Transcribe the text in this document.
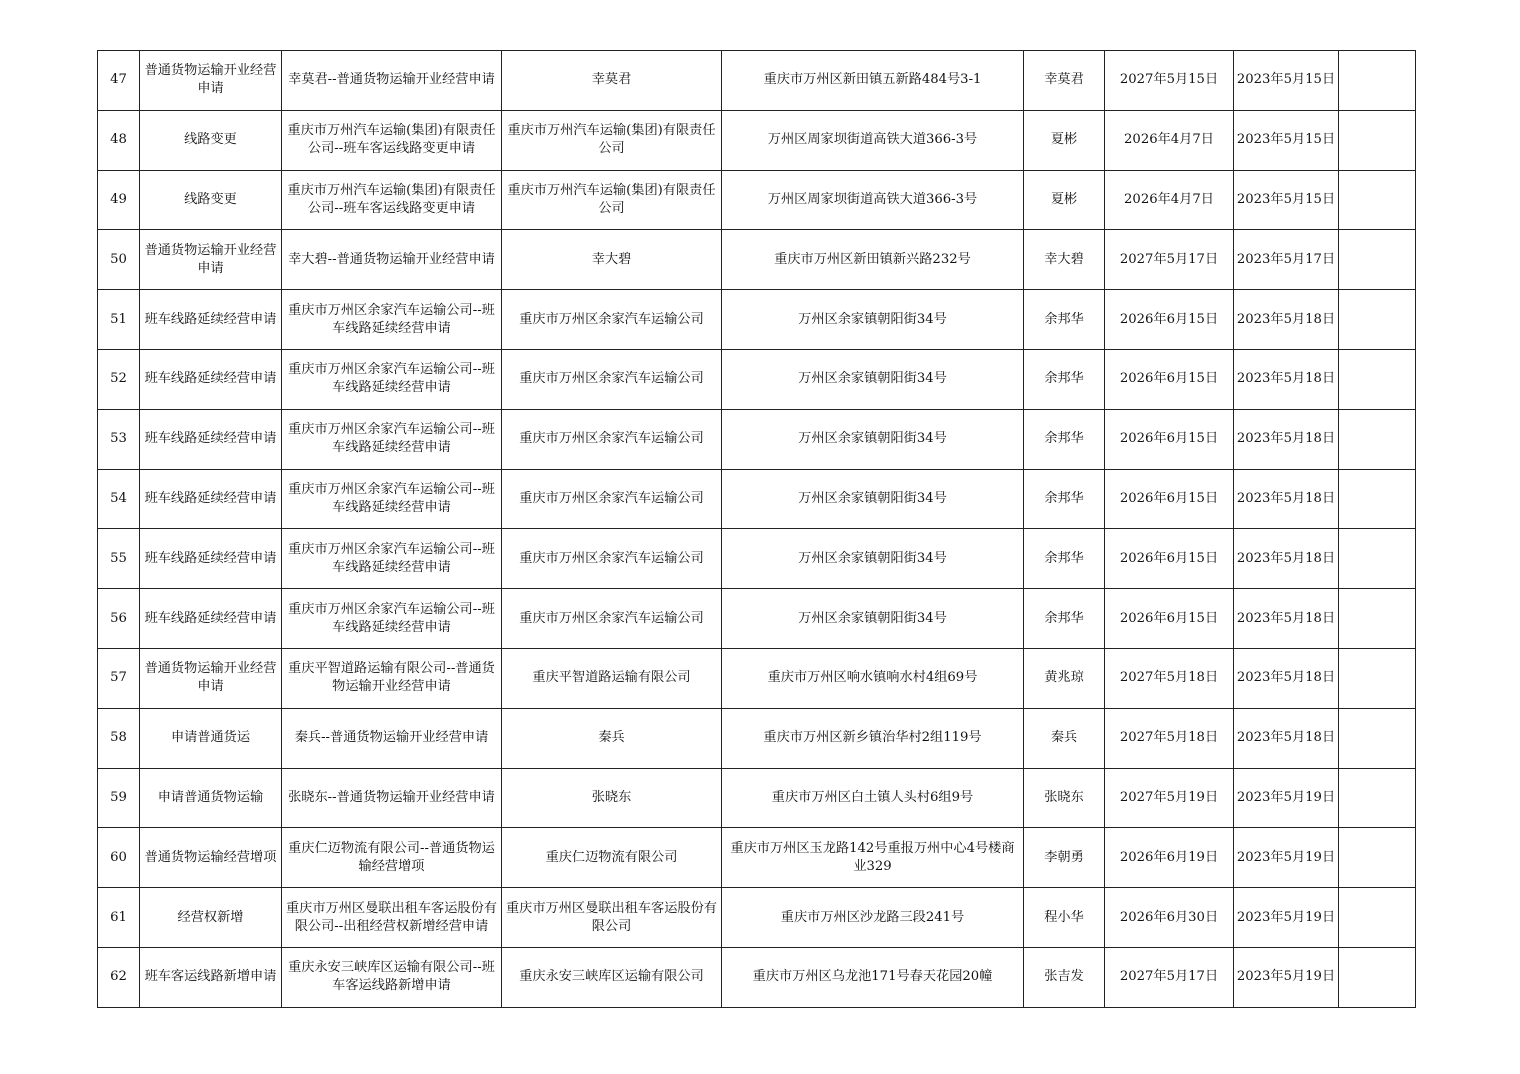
47	普通货物运输开业经营申请	幸莫君--普通货物运输开业经营申请	幸莫君	重庆市万州区新田镇五新路484号3-1	幸莫君	2027年5月15日	2023年5月15日	
48	线路变更	重庆市万州汽车运输(集团)有限责任公司--班车客运线路变更申请	重庆市万州汽车运输(集团)有限责任公司	万州区周家坝街道高铁大道366-3号	夏彬	2026年4月7日	2023年5月15日	
49	线路变更	重庆市万州汽车运输(集团)有限责任公司--班车客运线路变更申请	重庆市万州汽车运输(集团)有限责任公司	万州区周家坝街道高铁大道366-3号	夏彬	2026年4月7日	2023年5月15日	
50	普通货物运输开业经营申请	幸大碧--普通货物运输开业经营申请	幸大碧	重庆市万州区新田镇新兴路232号	幸大碧	2027年5月17日	2023年5月17日	
51	班车线路延续经营申请	重庆市万州区余家汽车运输公司--班车线路延续经营申请	重庆市万州区余家汽车运输公司	万州区余家镇朝阳街34号	余邦华	2026年6月15日	2023年5月18日	
52	班车线路延续经营申请	重庆市万州区余家汽车运输公司--班车线路延续经营申请	重庆市万州区余家汽车运输公司	万州区余家镇朝阳街34号	余邦华	2026年6月15日	2023年5月18日	
53	班车线路延续经营申请	重庆市万州区余家汽车运输公司--班车线路延续经营申请	重庆市万州区余家汽车运输公司	万州区余家镇朝阳街34号	余邦华	2026年6月15日	2023年5月18日	
54	班车线路延续经营申请	重庆市万州区余家汽车运输公司--班车线路延续经营申请	重庆市万州区余家汽车运输公司	万州区余家镇朝阳街34号	余邦华	2026年6月15日	2023年5月18日	
55	班车线路延续经营申请	重庆市万州区余家汽车运输公司--班车线路延续经营申请	重庆市万州区余家汽车运输公司	万州区余家镇朝阳街34号	余邦华	2026年6月15日	2023年5月18日	
56	班车线路延续经营申请	重庆市万州区余家汽车运输公司--班车线路延续经营申请	重庆市万州区余家汽车运输公司	万州区余家镇朝阳街34号	余邦华	2026年6月15日	2023年5月18日	
57	普通货物运输开业经营申请	重庆平智道路运输有限公司--普通货物运输开业经营申请	重庆平智道路运输有限公司	重庆市万州区响水镇响水村4组69号	黄兆琼	2027年5月18日	2023年5月18日	
58	申请普通货运	秦兵--普通货物运输开业经营申请	秦兵	重庆市万州区新乡镇治华村2组119号	秦兵	2027年5月18日	2023年5月18日	
59	申请普通货物运输	张晓东--普通货物运输开业经营申请	张晓东	重庆市万州区白土镇人头村6组9号	张晓东	2027年5月19日	2023年5月19日	
60	普通货物运输经营增项	重庆仁迈物流有限公司--普通货物运输经营增项	重庆仁迈物流有限公司	重庆市万州区玉龙路142号重报万州中心4号楼商业329	李朝勇	2026年6月19日	2023年5月19日	
61	经营权新增	重庆市万州区曼联出租车客运股份有限公司--出租经营权新增经营申请	重庆市万州区曼联出租车客运股份有限公司	重庆市万州区沙龙路三段241号	程小华	2026年6月30日	2023年5月19日	
62	班车客运线路新增申请	重庆永安三峡库区运输有限公司--班车客运线路新增申请	重庆永安三峡库区运输有限公司	重庆市万州区乌龙池171号春天花园20幢	张吉发	2027年5月17日	2023年5月19日	
